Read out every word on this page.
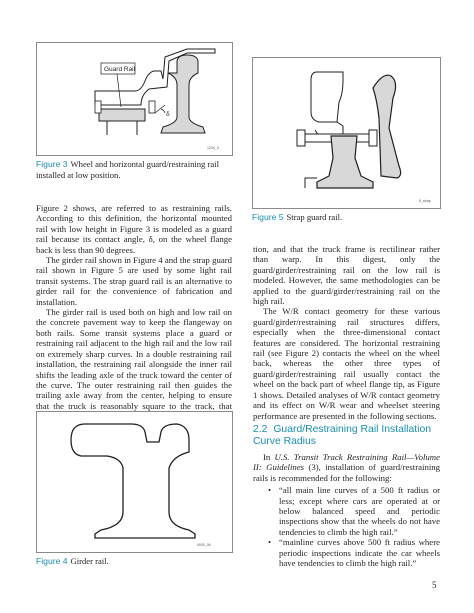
δ
Guard Rail
1234_3
Figure 3 Wheel and horizontal guard/restraining rail installed at low position.
5_strap
Figure 5 Strap guard rail.

Figure 2 shows, are referred to as restraining rails. According to this definition, the horizontal mounted rail with low height in Figure 3 is modeled as a guard rail because its contact angle, δ, on the wheel flange back is less than 90 degrees.

The girder rail shown in Figure 4 and the strap guard rail shown in Figure 5 are used by some light rail transit systems. The strap guard rail is an alternative to girder rail for the convenience of fabrication and installation.

The girder rail is used both on high and low rail on the concrete pavement way to keep the flangeway on both rails. Some transit systems place a guard or restraining rail adjacent to the high rail and the low rail on extremely sharp curves. In a double restraining rail installation, the restraining rail alongside the inner rail shifts the leading axle of the truck toward the center of the curve. The outer restraining rail then guides the trailing axle away from the center, helping to ensure that the truck is reasonably square to the track, that

0000_04
Figure 4 Girder rail.

tion, and that the truck frame is rectilinear rather than warp. In this digest, only the guard/girder/restraining rail on the low rail is modeled. However, the same methodologies can be applied to the guard/girder/restraining rail on the high rail.

The W/R contact geometry for these various guard/girder/restraining rail structures differs, especially when the three-dimensional contact features are considered. The horizontal restraining rail (see Figure 2) contacts the wheel on the wheel back, whereas the other three types of guard/girder/restraining rail usually contact the wheel on the back part of wheel flange tip, as Figure 1 shows. Detailed analyses of W/R contact geometry and its effect on W/R wear and wheelset steering performance are presented in the following sections.

2.2 Guard/Restraining Rail Installation Curve Radius

In U.S. Transit Track Restraining Rail—Volume II: Guidelines (3), installation of guard/restraining rails is recommended for the following:

• “all main line curves of a 500 ft radius or less; except where cars are operated at or below balanced speed and periodic inspections show that the wheels do not have tendencies to climb the high rail.”
• “mainline curves above 500 ft radius where periodic inspections indicate the car wheels have tendencies to climb the high rail.”
5
